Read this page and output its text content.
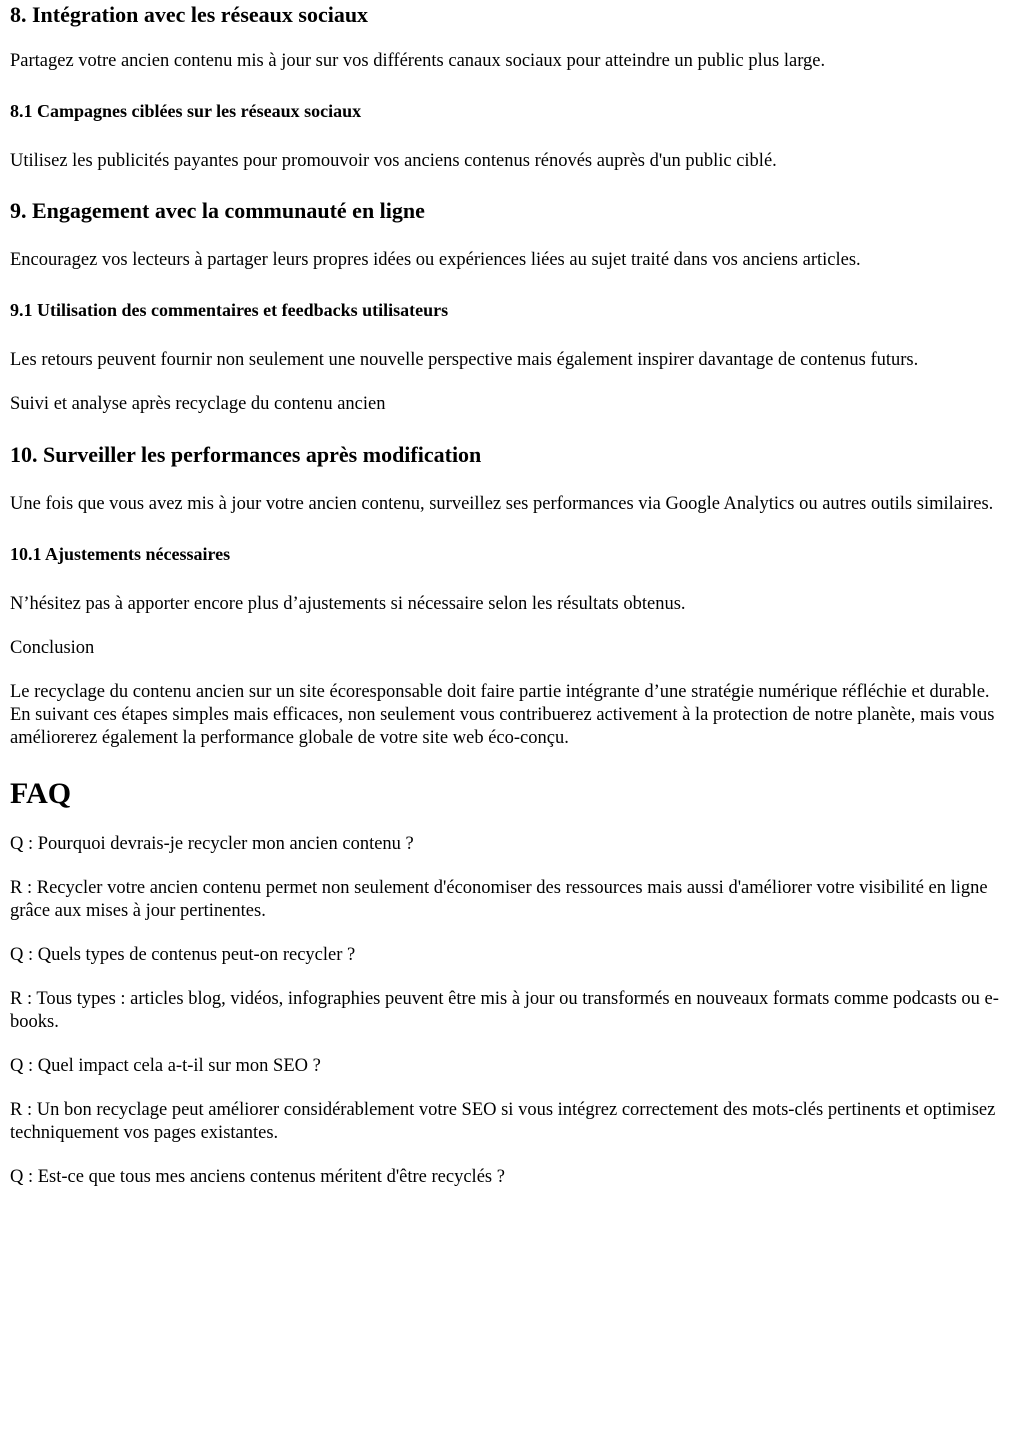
8. Intégration avec les réseaux sociaux

Partagez votre ancien contenu mis à jour sur vos différents canaux sociaux pour atteindre un public plus large.

8.1 Campagnes ciblées sur les réseaux sociaux

Utilisez les publicités payantes pour promouvoir vos anciens contenus rénovés auprès d'un public ciblé.

9. Engagement avec la communauté en ligne

Encouragez vos lecteurs à partager leurs propres idées ou expériences liées au sujet traité dans vos anciens articles.

9.1 Utilisation des commentaires et feedbacks utilisateurs

Les retours peuvent fournir non seulement une nouvelle perspective mais également inspirer davantage de contenus futurs.

Suivi et analyse après recyclage du contenu ancien

10. Surveiller les performances après modification

Une fois que vous avez mis à jour votre ancien contenu, surveillez ses performances via Google Analytics ou autres outils similaires.

10.1 Ajustements nécessaires

N’hésitez pas à apporter encore plus d’ajustements si nécessaire selon les résultats obtenus.

Conclusion

Le recyclage du contenu ancien sur un site écoresponsable doit faire partie intégrante d’une stratégie numérique réfléchie et durable. En suivant ces étapes simples mais efficaces, non seulement vous contribuerez activement à la protection de notre planète, mais vous améliorerez également la performance globale de votre site web éco-conçu.

FAQ

Q : Pourquoi devrais-je recycler mon ancien contenu ?

R : Recycler votre ancien contenu permet non seulement d'économiser des ressources mais aussi d'améliorer votre visibilité en ligne grâce aux mises à jour pertinentes.

Q : Quels types de contenus peut-on recycler ?

R : Tous types : articles blog, vidéos, infographies peuvent être mis à jour ou transformés en nouveaux formats comme podcasts ou e-books.

Q : Quel impact cela a-t-il sur mon SEO ?

R : Un bon recyclage peut améliorer considérablement votre SEO si vous intégrez correctement des mots-clés pertinents et optimisez techniquement vos pages existantes.

Q : Est-ce que tous mes anciens contenus méritent d'être recyclés ?
